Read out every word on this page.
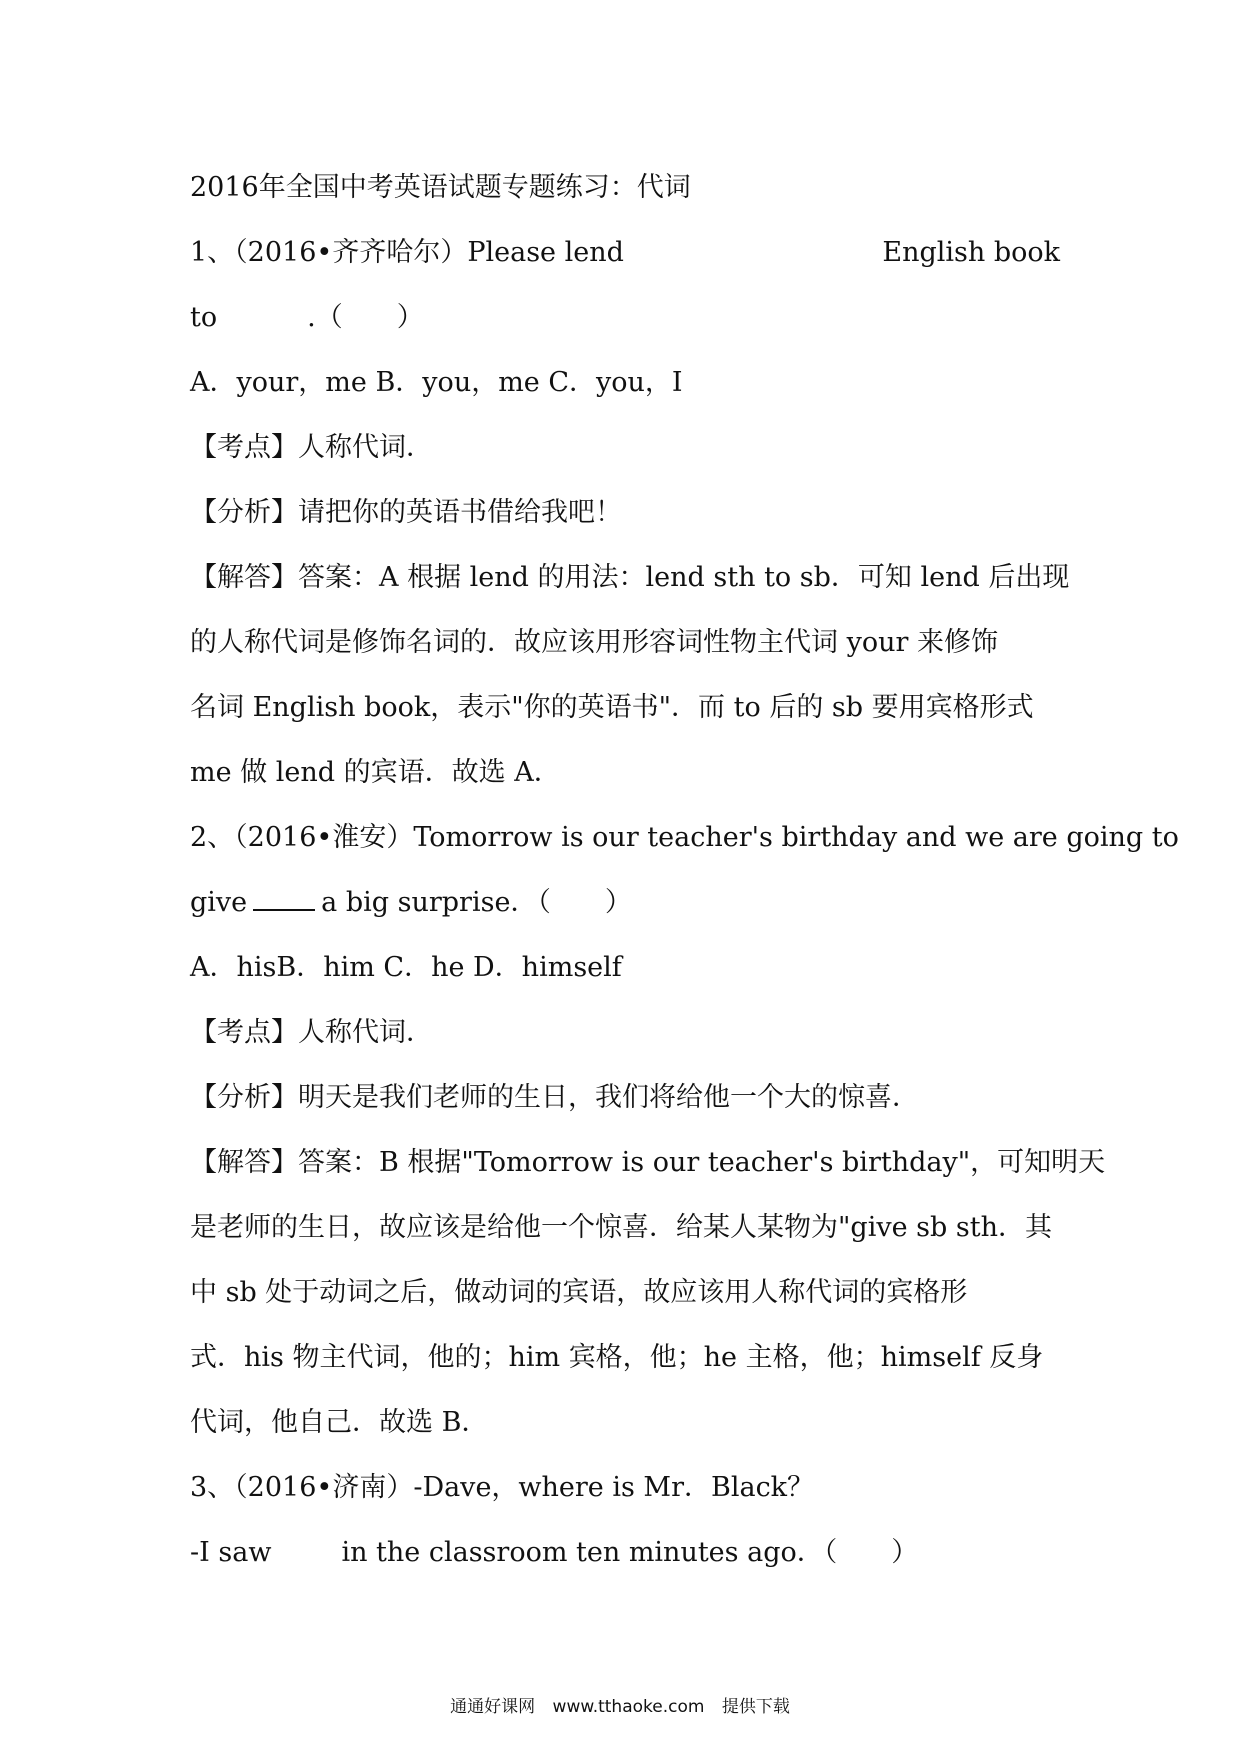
2016年全国中考英语试题专题练习：代词
1、（2016•齐齐哈尔）Please lend	English book
to	.（　　）
A．your，me B．you，me C．you，I
【考点】人称代词．
【分析】请把你的英语书借给我吧！
【解答】答案：A 根据 lend 的用法：lend sth to sb．可知 lend 后出现
的人称代词是修饰名词的．故应该用形容词性物主代词 your 来修饰
名词 English book，表示"你的英语书"．而 to 后的 sb 要用宾格形式
me 做 lend 的宾语．故选 A．
2、（2016•淮安）Tomorrow is our teacher's birthday and we are going to
give	a big surprise．（　　）
A．hisB．him C．he D．himself
【考点】人称代词．
【分析】明天是我们老师的生日，我们将给他一个大的惊喜．
【解答】答案：B 根据"Tomorrow is our teacher's birthday"，可知明天
是老师的生日，故应该是给他一个惊喜．给某人某物为"give sb sth．其
中 sb 处于动词之后，做动词的宾语，故应该用人称代词的宾格形
式．his 物主代词，他的；him 宾格，他；he 主格，他；himself 反身
代词，他自己．故选 B．
3、（2016•济南）-Dave，where is Mr．Black？
-I saw	in the classroom ten minutes ago．（　　）
通通好课网 www.tthaoke.com 提供下载
